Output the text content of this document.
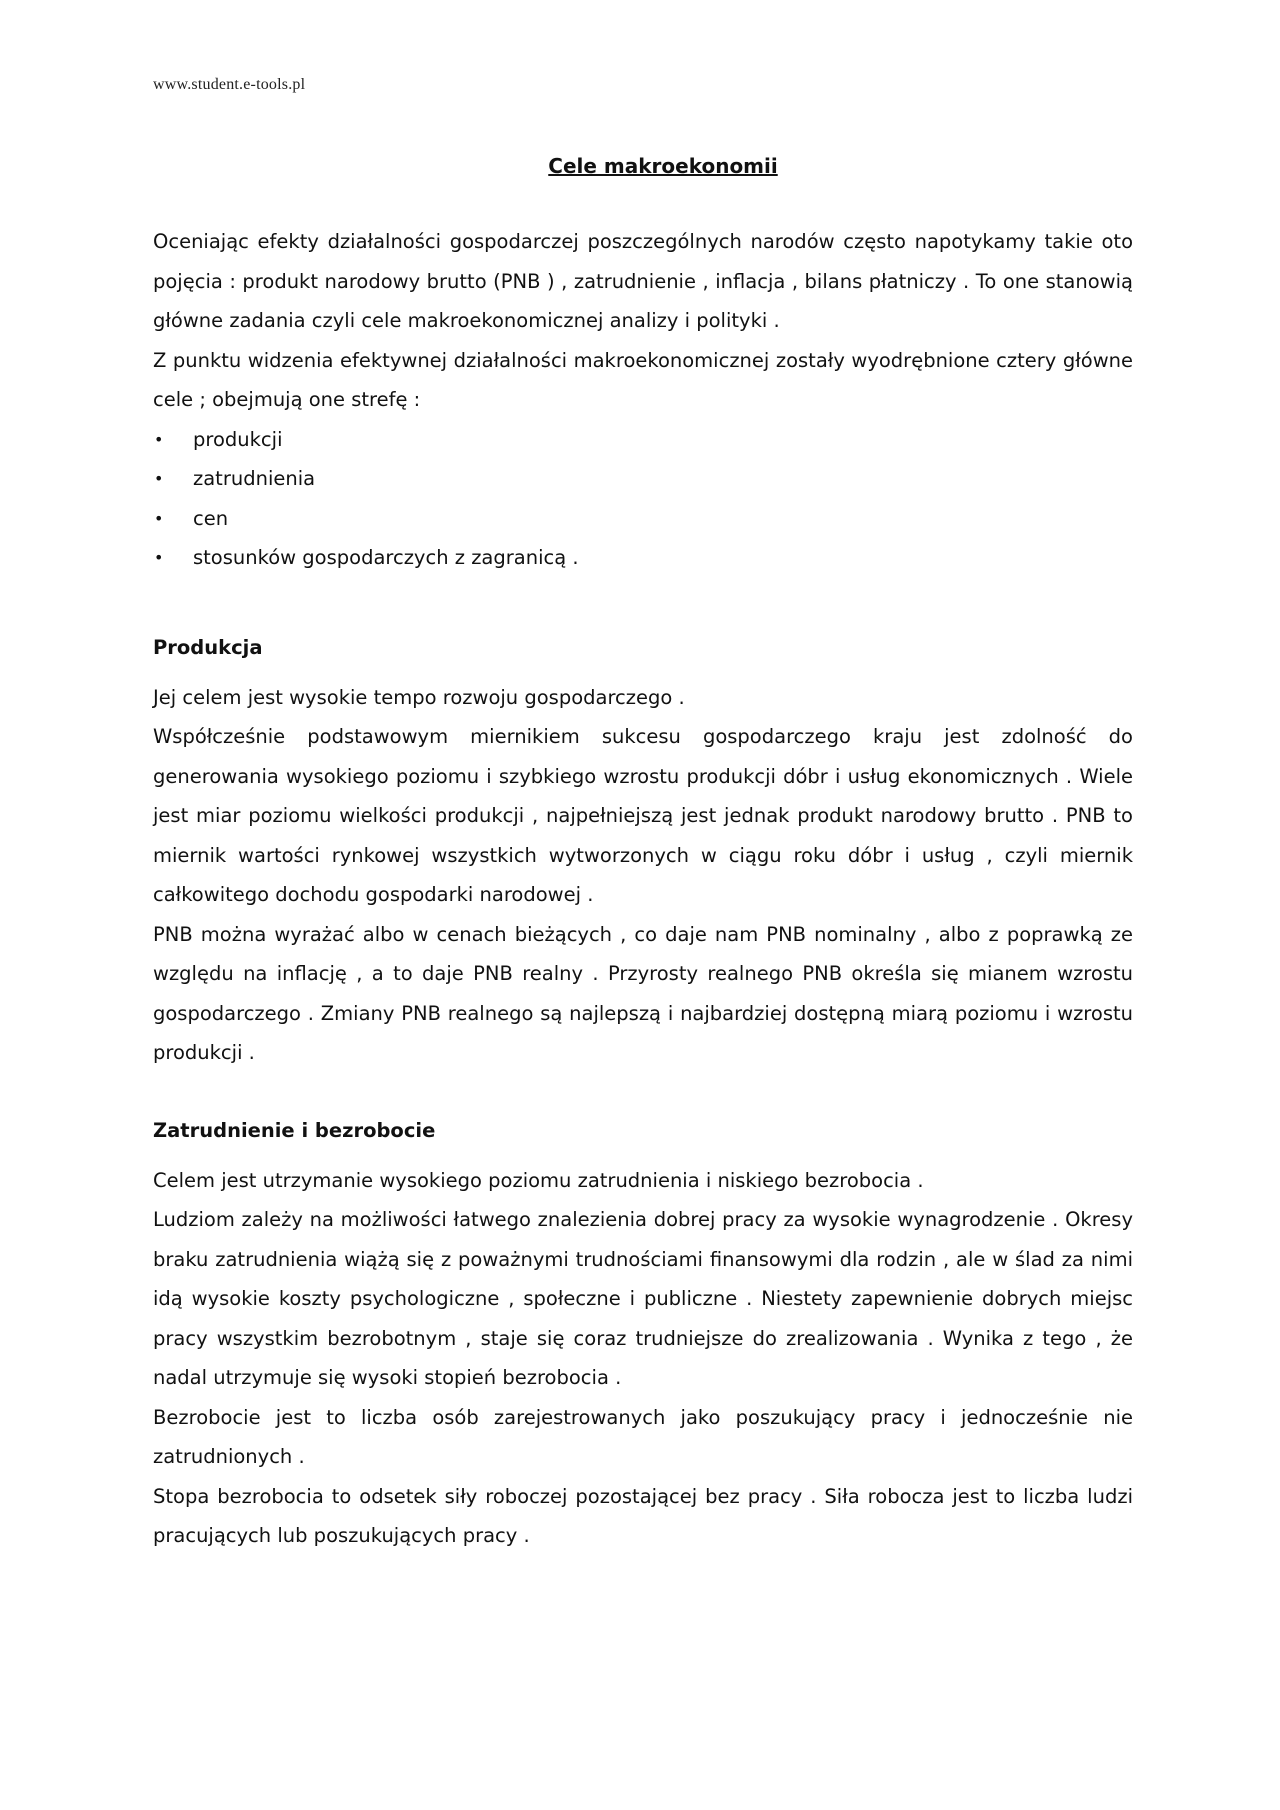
www.student.e-tools.pl
Cele makroekonomii

Oceniając efekty działalności gospodarczej poszczególnych narodów często napotykamy takie oto pojęcia : produkt narodowy brutto (PNB ) , zatrudnienie , inflacja , bilans płatniczy . To one stanowią główne zadania czyli cele makroekonomicznej analizy i polityki .

Z punktu widzenia efektywnej działalności makroekonomicznej zostały wyodrębnione cztery główne cele ; obejmują one strefę :

• produkcji
• zatrudnienia
• cen
• stosunków gospodarczych z zagranicą .
Produkcja

Jej celem jest wysokie tempo rozwoju gospodarczego .

Współcześnie podstawowym miernikiem sukcesu gospodarczego kraju jest zdolność do generowania wysokiego poziomu i szybkiego wzrostu produkcji dóbr i usług ekonomicznych . Wiele jest miar poziomu wielkości produkcji , najpełniejszą jest jednak produkt narodowy brutto . PNB to miernik wartości rynkowej wszystkich wytworzonych w ciągu roku dóbr i usług , czyli miernik całkowitego dochodu gospodarki narodowej .

PNB można wyrażać albo w cenach bieżących , co daje nam PNB nominalny , albo z poprawką ze względu na inflację , a to daje PNB realny . Przyrosty realnego PNB określa się mianem wzrostu gospodarczego . Zmiany PNB realnego są najlepszą i najbardziej dostępną miarą poziomu i wzrostu produkcji .

Zatrudnienie i bezrobocie

Celem jest utrzymanie wysokiego poziomu zatrudnienia i niskiego bezrobocia .

Ludziom zależy na możliwości łatwego znalezienia dobrej pracy za wysokie wynagrodzenie . Okresy braku zatrudnienia wiążą się z poważnymi trudnościami finansowymi dla rodzin , ale w ślad za nimi idą wysokie koszty psychologiczne , społeczne i publiczne . Niestety zapewnienie dobrych miejsc pracy wszystkim bezrobotnym , staje się coraz trudniejsze do zrealizowania . Wynika z tego , że nadal utrzymuje się wysoki stopień bezrobocia .

Bezrobocie jest to liczba osób zarejestrowanych jako poszukujący pracy i jednocześnie nie zatrudnionych .

Stopa bezrobocia to odsetek siły roboczej pozostającej bez pracy . Siła robocza jest to liczba ludzi pracujących lub poszukujących pracy .
